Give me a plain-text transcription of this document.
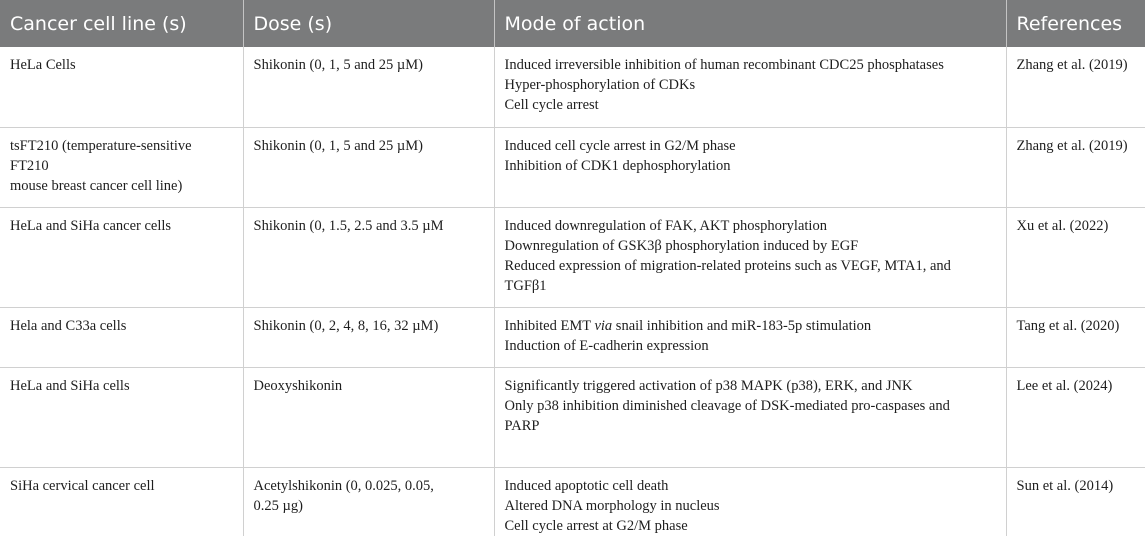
Cancer cell line (s)	Dose (s)	Mode of action	References

HeLa Cells	Shikonin (0, 1, 5 and 25 µM)	Induced irreversible inhibition of human recombinant CDC25 phosphatases
Hyper-phosphorylation of CDKs
Cell cycle arrest	Zhang et al. (2019)

tsFT210 (temperature-sensitive
FT210
mouse breast cancer cell line)	Shikonin (0, 1, 5 and 25 µM)	Induced cell cycle arrest in G2/M phase
Inhibition of CDK1 dephosphorylation	Zhang et al. (2019)

HeLa and SiHa cancer cells	Shikonin (0, 1.5, 2.5 and 3.5 µM	Induced downregulation of FAK, AKT phosphorylation
Downregulation of GSK3β phosphorylation induced by EGF
Reduced expression of migration-related proteins such as VEGF, MTA1, and
TGFβ1	Xu et al. (2022)

Hela and C33a cells	Shikonin (0, 2, 4, 8, 16, 32 µM)	Inhibited EMT via snail inhibition and miR-183-5p stimulation
Induction of E-cadherin expression	Tang et al. (2020)

HeLa and SiHa cells	Deoxyshikonin	Significantly triggered activation of p38 MAPK (p38), ERK, and JNK
Only p38 inhibition diminished cleavage of DSK-mediated pro-caspases and
PARP	Lee et al. (2024)

SiHa cervical cancer cell	Acetylshikonin (0, 0.025, 0.05,
0.25 µg)	Induced apoptotic cell death
Altered DNA morphology in nucleus
Cell cycle arrest at G2/M phase	Sun et al. (2014)
